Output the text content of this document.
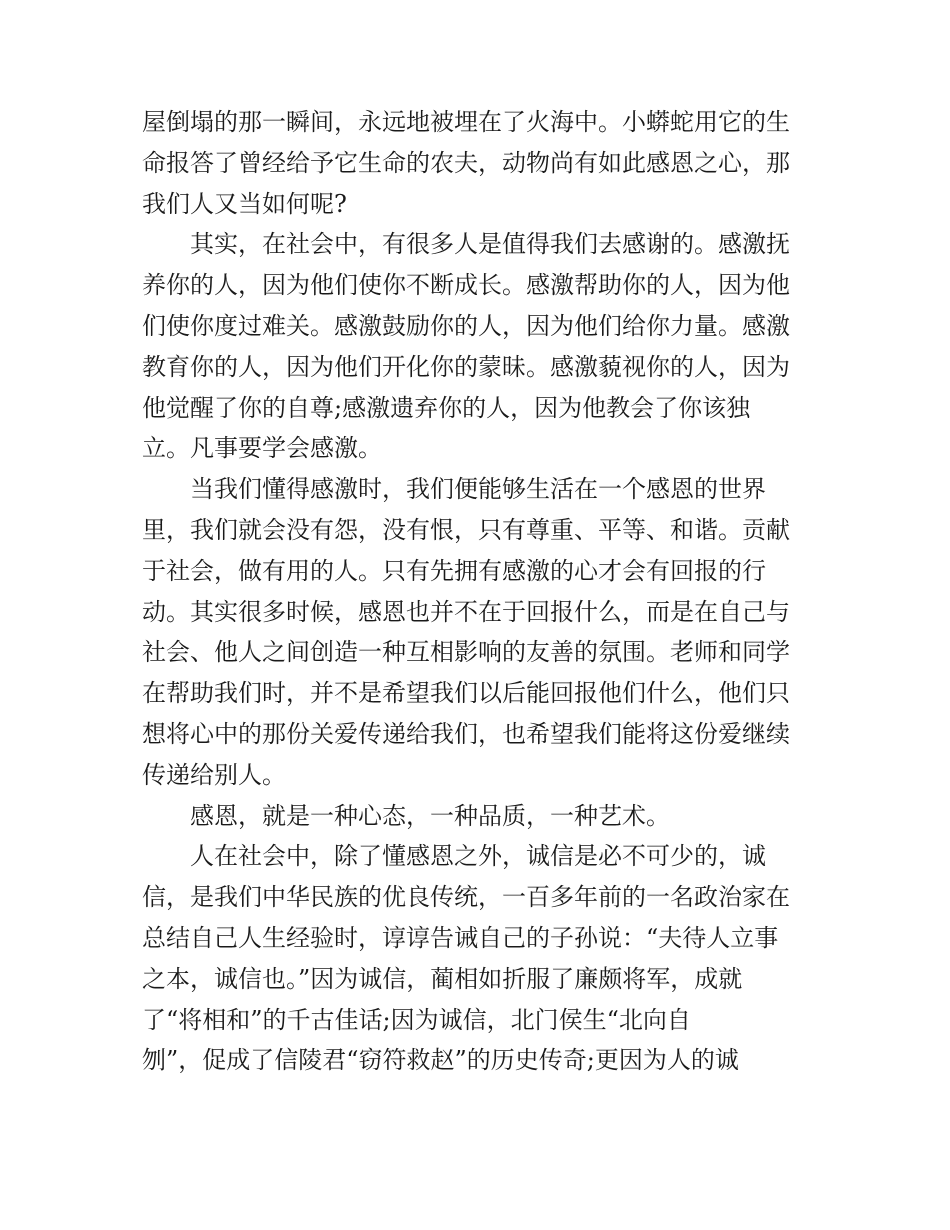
屋倒塌的那一瞬间，永远地被埋在了火海中。小蟒蛇用它的生
命报答了曾经给予它生命的农夫，动物尚有如此感恩之心，那
我们人又当如何呢?
其实，在社会中，有很多人是值得我们去感谢的。感激抚
养你的人，因为他们使你不断成长。感激帮助你的人，因为他
们使你度过难关。感激鼓励你的人，因为他们给你力量。感激
教育你的人，因为他们开化你的蒙昧。感激藐视你的人，因为
他觉醒了你的自尊;感激遗弃你的人，因为他教会了你该独
立。凡事要学会感激。
当我们懂得感激时，我们便能够生活在一个感恩的世界
里，我们就会没有怨，没有恨，只有尊重、平等、和谐。贡献
于社会，做有用的人。只有先拥有感激的心才会有回报的行
动。其实很多时候，感恩也并不在于回报什么，而是在自己与
社会、他人之间创造一种互相影响的友善的氛围。老师和同学
在帮助我们时，并不是希望我们以后能回报他们什么，他们只
想将心中的那份关爱传递给我们，也希望我们能将这份爱继续
传递给别人。
感恩，就是一种心态，一种品质，一种艺术。
人在社会中，除了懂感恩之外，诚信是必不可少的，诚
信，是我们中华民族的优良传统，一百多年前的一名政治家在
总结自己人生经验时，谆谆告诫自己的子孙说：“夫待人立事
之本，诚信也。”因为诚信，蔺相如折服了廉颇将军，成就
了“将相和”的千古佳话;因为诚信，北门侯生“北向自
刎”，促成了信陵君“窃符救赵”的历史传奇;更因为人的诚
